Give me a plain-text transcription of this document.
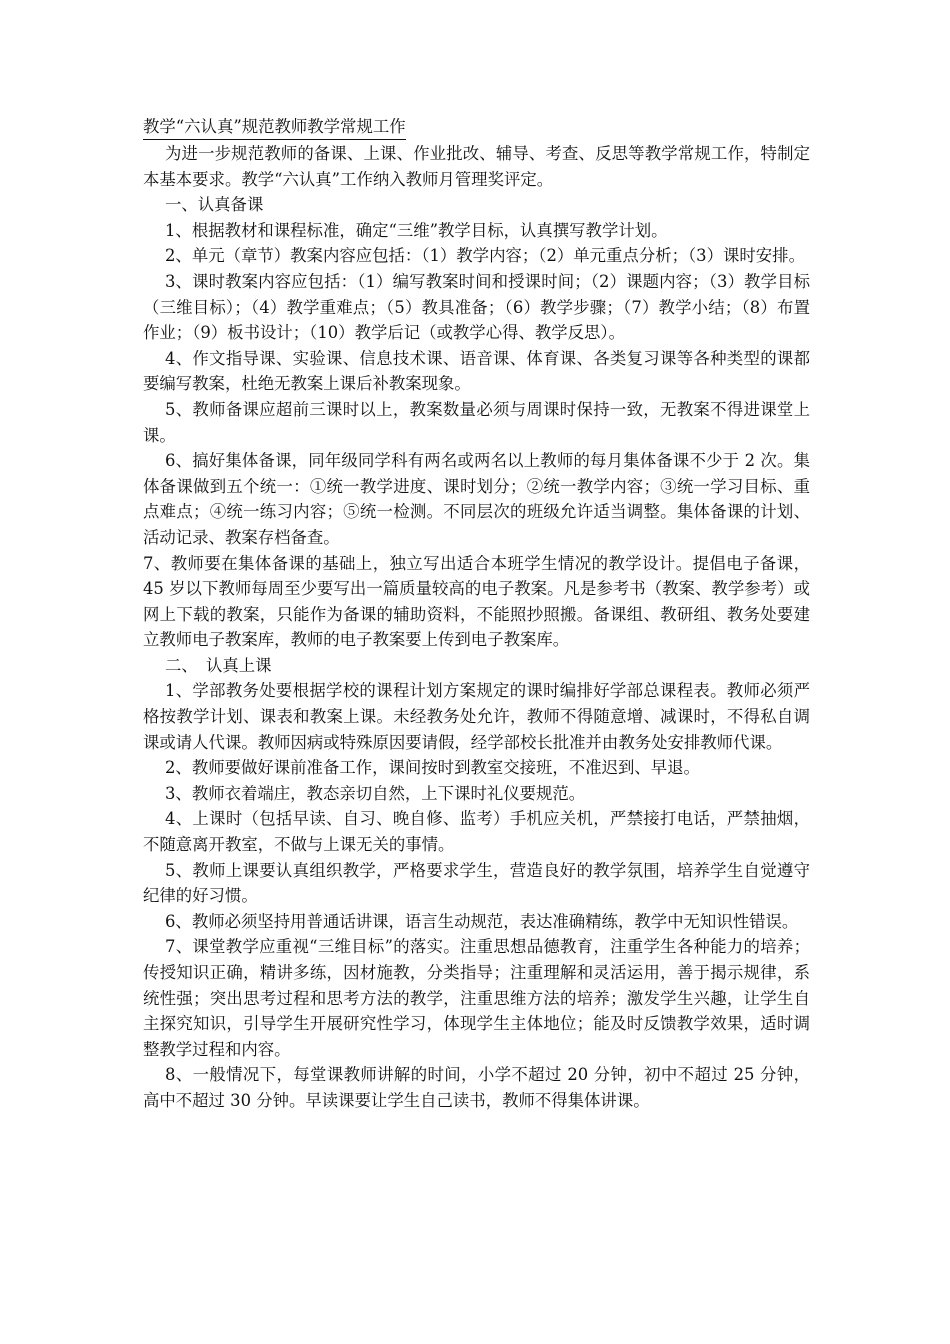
教学“六认真”规范教师教学常规工作

为进一步规范教师的备课、上课、作业批改、辅导、考查、反思等教学常规工作，特制定本基本要求。教学“六认真”工作纳入教师月管理奖评定。

一、认真备课

1、根据教材和课程标准，确定“三维”教学目标，认真撰写教学计划。

2、单元（章节）教案内容应包括：（1）教学内容；（2）单元重点分析；（3）课时安排。

3、课时教案内容应包括：（1）编写教案时间和授课时间；（2）课题内容；（3）教学目标（三维目标）；（4）教学重难点；（5）教具准备；（6）教学步骤；（7）教学小结；（8）布置作业；（9）板书设计；（10）教学后记（或教学心得、教学反思）。

4、作文指导课、实验课、信息技术课、语音课、体育课、各类复习课等各种类型的课都要编写教案，杜绝无教案上课后补教案现象。

5、教师备课应超前三课时以上，教案数量必须与周课时保持一致，无教案不得进课堂上课。

6、搞好集体备课，同年级同学科有两名或两名以上教师的每月集体备课不少于 2 次。集体备课做到五个统一：①统一教学进度、课时划分；②统一教学内容；③统一学习目标、重点难点；④统一练习内容；⑤统一检测。不同层次的班级允许适当调整。集体备课的计划、活动记录、教案存档备查。

7、教师要在集体备课的基础上，独立写出适合本班学生情况的教学设计。提倡电子备课，45 岁以下教师每周至少要写出一篇质量较高的电子教案。凡是参考书（教案、教学参考）或网上下载的教案，只能作为备课的辅助资料，不能照抄照搬。备课组、教研组、教务处要建立教师电子教案库，教师的电子教案要上传到电子教案库。

二、　认真上课

1、学部教务处要根据学校的课程计划方案规定的课时编排好学部总课程表。教师必须严格按教学计划、课表和教案上课。未经教务处允许，教师不得随意增、减课时，不得私自调课或请人代课。教师因病或特殊原因要请假，经学部校长批准并由教务处安排教师代课。

2、教师要做好课前准备工作，课间按时到教室交接班，不准迟到、早退。

3、教师衣着端庄，教态亲切自然，上下课时礼仪要规范。

4、上课时（包括早读、自习、晚自修、监考）手机应关机，严禁接打电话，严禁抽烟，不随意离开教室，不做与上课无关的事情。

5、教师上课要认真组织教学，严格要求学生，营造良好的教学氛围，培养学生自觉遵守纪律的好习惯。

6、教师必须坚持用普通话讲课，语言生动规范，表达准确精练，教学中无知识性错误。

7、课堂教学应重视“三维目标”的落实。注重思想品德教育，注重学生各种能力的培养；传授知识正确，精讲多练，因材施教，分类指导；注重理解和灵活运用，善于揭示规律，系统性强；突出思考过程和思考方法的教学，注重思维方法的培养；激发学生兴趣，让学生自主探究知识，引导学生开展研究性学习，体现学生主体地位；能及时反馈教学效果，适时调整教学过程和内容。

8、一般情况下，每堂课教师讲解的时间，小学不超过 20 分钟，初中不超过 25 分钟，高中不超过 30 分钟。早读课要让学生自己读书，教师不得集体讲课。
